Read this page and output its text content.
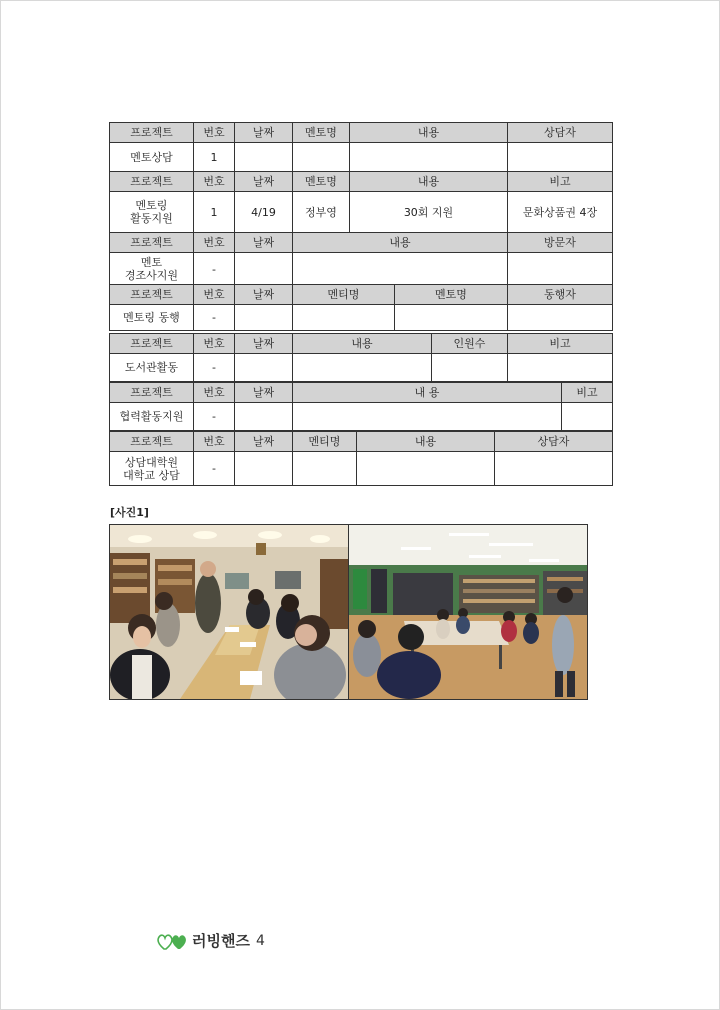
프로젝트	번호	날짜	멘토명	내용	상담자
멘토상담	1				
프로젝트	번호	날짜	멘토명	내용	비고
멘토링
활동지원	1	4/19	정부영	30회 지원	문화상품권 4장
프로젝트	번호	날짜	내용	방문자
멘토
경조사지원	-			
프로젝트	번호	날짜	멘티명	멘토명	동행자
멘토링 동행	-				
프로젝트	번호	날짜	내용	인원수	비고
도서관활동	-				
프로젝트	번호	날짜	내 용	비고
협력활동지원	-			
프로젝트	번호	날짜	멘티명	내용	상담자
상담대학원
대학교 상담	-				
[사진1]
러빙핸즈 4
